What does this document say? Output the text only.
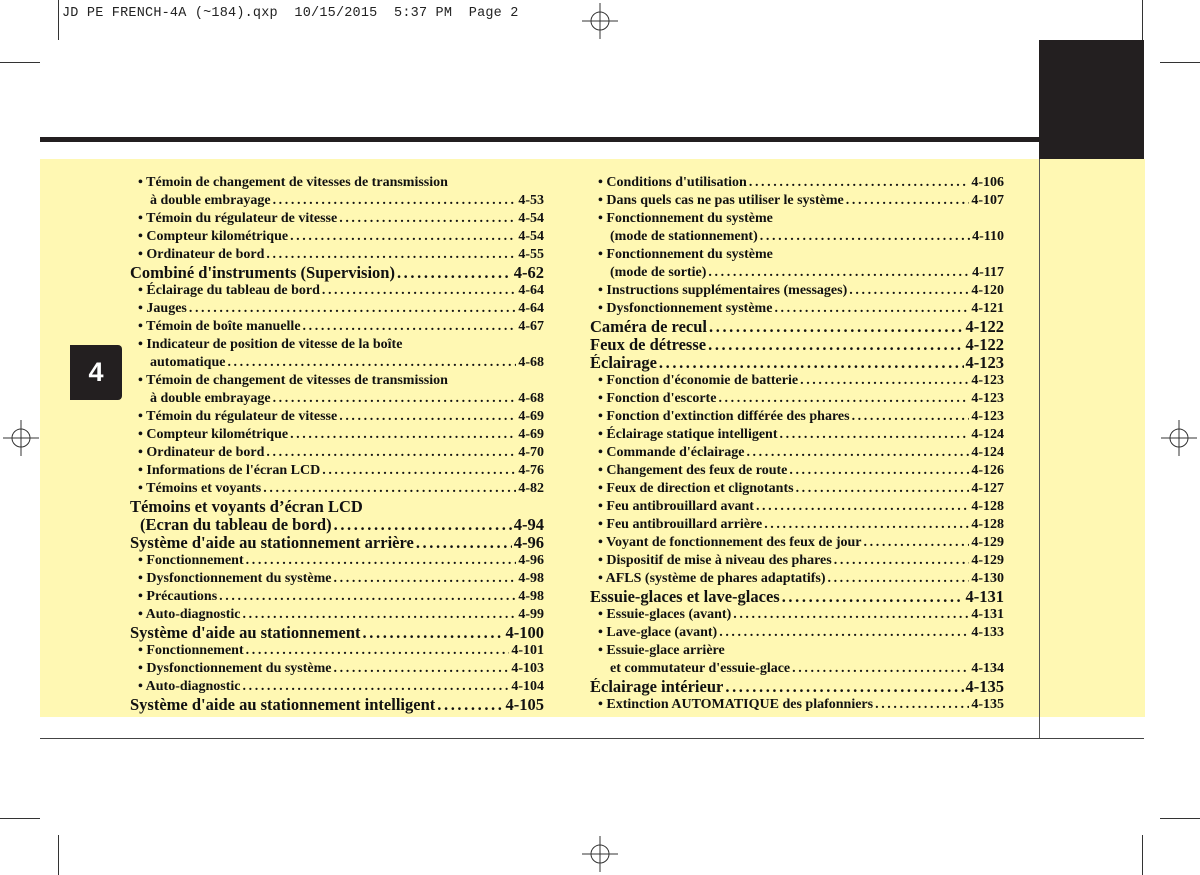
JD PE FRENCH-4A (~184).qxp  10/15/2015  5:37 PM  Page 2
4
• Témoin de changement de vitesses de transmission
à double embrayage .....	4-53
• Témoin du régulateur de vitesse .....	4-54
• Compteur kilométrique .....	4-54
• Ordinateur de bord .....	4-55
Combiné d'instruments (Supervision) .....	4-62
• Éclairage du tableau de bord .....	4-64
• Jauges .....	4-64
• Témoin de boîte manuelle .....	4-67
• Indicateur de position de vitesse de la boîte
automatique .....	4-68
• Témoin de changement de vitesses de transmission
à double embrayage .....	4-68
• Témoin du régulateur de vitesse .....	4-69
• Compteur kilométrique .....	4-69
• Ordinateur de bord .....	4-70
• Informations de l'écran LCD .....	4-76
• Témoins et voyants .....	4-82
Témoins et voyants d’écran LCD
(Ecran du tableau de bord) .....	4-94
Système d'aide au stationnement arrière .....	4-96
• Fonctionnement .....	4-96
• Dysfonctionnement du système .....	4-98
• Précautions .....	4-98
• Auto-diagnostic .....	4-99
Système d'aide au stationnement .....	4-100
• Fonctionnement .....	4-101
• Dysfonctionnement du système .....	4-103
• Auto-diagnostic .....	4-104
Système d'aide au stationnement intelligent .....	4-105
• Conditions d'utilisation .....	4-106
• Dans quels cas ne pas utiliser le système .....	4-107
• Fonctionnement du système
(mode de stationnement) .....	4-110
• Fonctionnement du système
(mode de sortie) .....	4-117
• Instructions supplémentaires (messages) .....	4-120
• Dysfonctionnement système .....	4-121
Caméra de recul .....	4-122
Feux de détresse .....	4-122
Éclairage .....	4-123
• Fonction d'économie de batterie .....	4-123
• Fonction d'escorte .....	4-123
• Fonction d'extinction différée des phares .....	4-123
• Éclairage statique intelligent .....	4-124
• Commande d'éclairage .....	4-124
• Changement des feux de route .....	4-126
• Feux de direction et clignotants .....	4-127
• Feu antibrouillard avant .....	4-128
• Feu antibrouillard arrière .....	4-128
• Voyant de fonctionnement des feux de jour .....	4-129
• Dispositif de mise à niveau des phares .....	4-129
• AFLS (système de phares adaptatifs) .....	4-130
Essuie-glaces et lave-glaces .....	4-131
• Essuie-glaces (avant) .....	4-131
• Lave-glace (avant) .....	4-133
• Essuie-glace arrière
et commutateur d'essuie-glace .....	4-134
Éclairage intérieur .....	4-135
• Extinction AUTOMATIQUE des plafonniers .....	4-135
